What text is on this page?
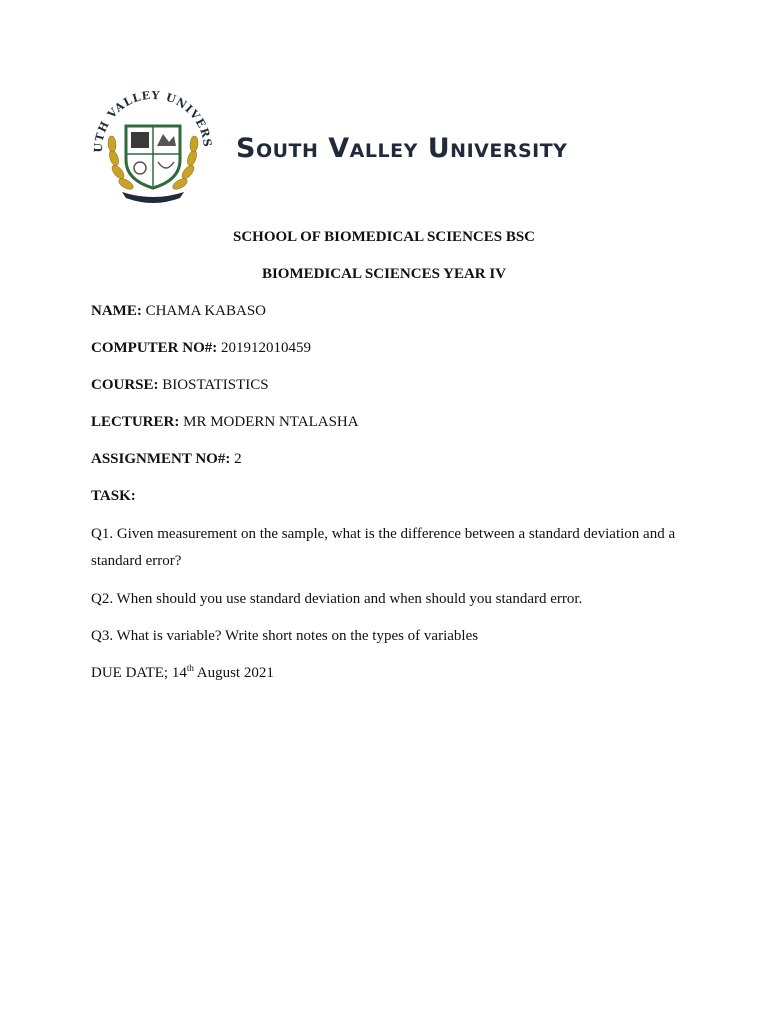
UTH VALLEY UNIVERS South Valley University
SCHOOL OF BIOMEDICAL SCIENCES BSC
BIOMEDICAL SCIENCES YEAR IV
NAME: CHAMA KABASO
COMPUTER NO#: 201912010459
COURSE: BIOSTATISTICS
LECTURER: MR MODERN NTALASHA
ASSIGNMENT NO#: 2
TASK:
Q1. Given measurement on the sample, what is the difference between a standard deviation and a standard error?
Q2. When should you use standard deviation and when should you standard error.
Q3. What is variable? Write short notes on the types of variables
DUE DATE; 14th August 2021
